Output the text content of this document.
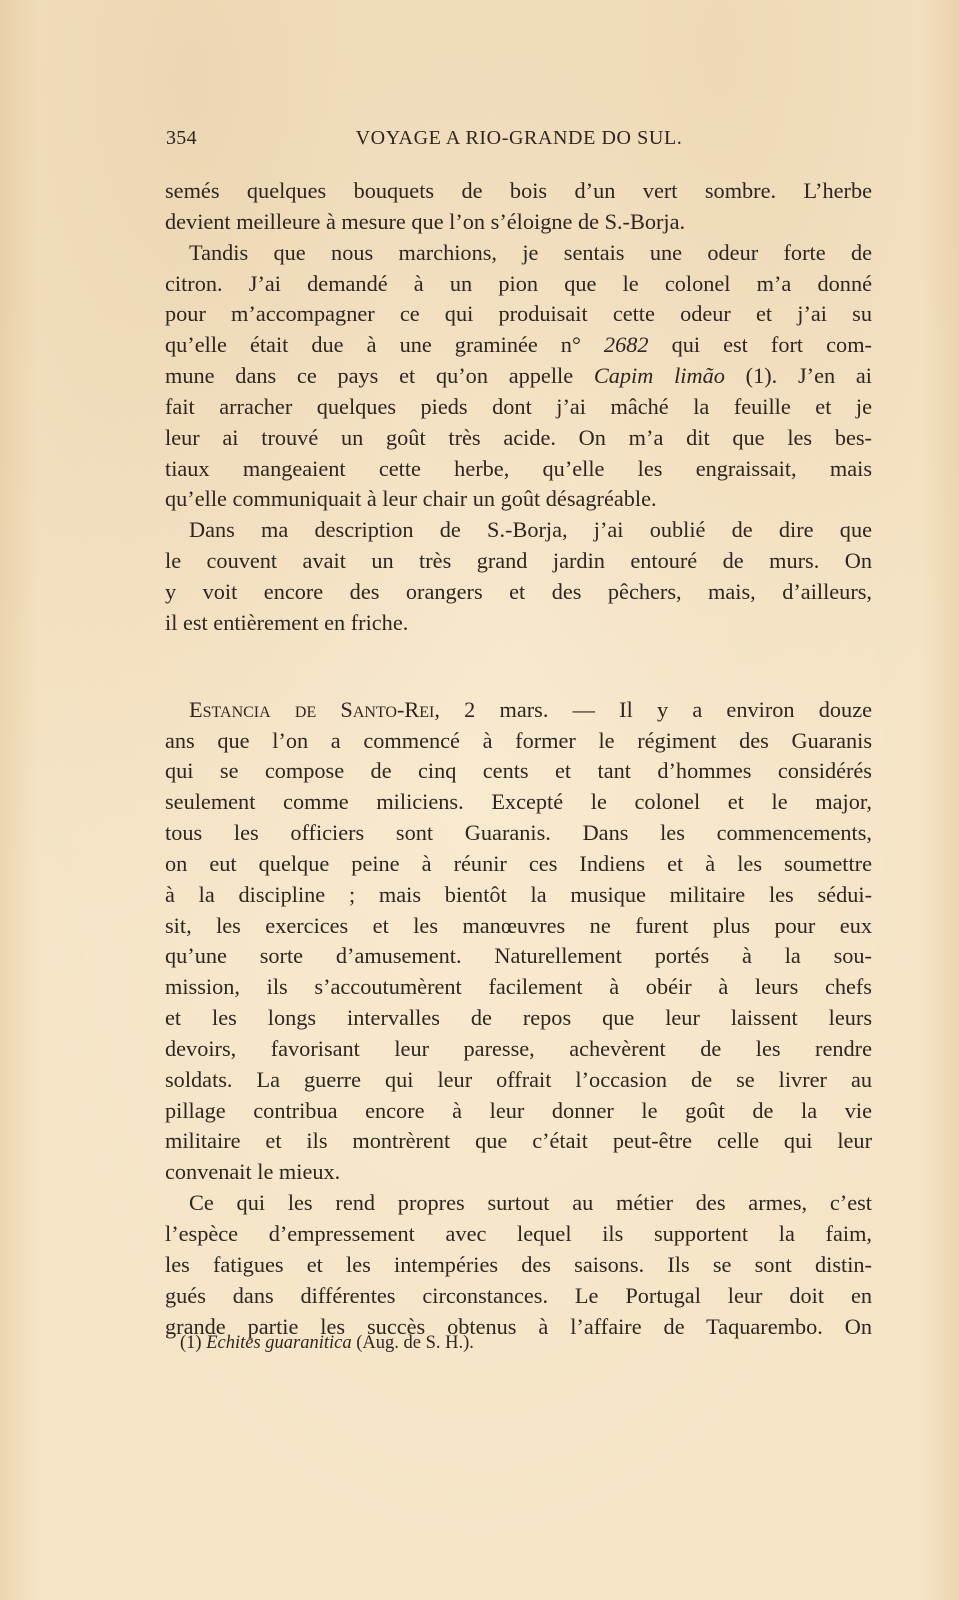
354	VOYAGE A RIO-GRANDE DO SUL.
semés quelques bouquets de bois d’un vert sombre. L’herbe
devient meilleure à mesure que l’on s’éloigne de S.-Borja.
Tandis que nous marchions, je sentais une odeur forte de
citron. J’ai demandé à un pion que le colonel m’a donné
pour m’accompagner ce qui produisait cette odeur et j’ai su
qu’elle était due à une graminée n° 2682 qui est fort com-
mune dans ce pays et qu’on appelle Capim limão (1). J’en ai
fait arracher quelques pieds dont j’ai mâché la feuille et je
leur ai trouvé un goût très acide. On m’a dit que les bes-
tiaux mangeaient cette herbe, qu’elle les engraissait, mais
qu’elle communiquait à leur chair un goût désagréable.
Dans ma description de S.-Borja, j’ai oublié de dire que
le couvent avait un très grand jardin entouré de murs. On
y voit encore des orangers et des pêchers, mais, d’ailleurs,
il est entièrement en friche.
Estancia de Santo-Rei, 2 mars. — Il y a environ douze
ans que l’on a commencé à former le régiment des Guaranis
qui se compose de cinq cents et tant d’hommes considérés
seulement comme miliciens. Excepté le colonel et le major,
tous les officiers sont Guaranis. Dans les commencements,
on eut quelque peine à réunir ces Indiens et à les soumettre
à la discipline ; mais bientôt la musique militaire les sédui-
sit, les exercices et les manœuvres ne furent plus pour eux
qu’une sorte d’amusement. Naturellement portés à la sou-
mission, ils s’accoutumèrent facilement à obéir à leurs chefs
et les longs intervalles de repos que leur laissent leurs
devoirs, favorisant leur paresse, achevèrent de les rendre
soldats. La guerre qui leur offrait l’occasion de se livrer au
pillage contribua encore à leur donner le goût de la vie
militaire et ils montrèrent que c’était peut-être celle qui leur
convenait le mieux.
Ce qui les rend propres surtout au métier des armes, c’est
l’espèce d’empressement avec lequel ils supportent la faim,
les fatigues et les intempéries des saisons. Ils se sont distin-
gués dans différentes circonstances. Le Portugal leur doit en
grande partie les succès obtenus à l’affaire de Taquarembo. On
(1) Echites guaranitica (Aug. de S. H.).
